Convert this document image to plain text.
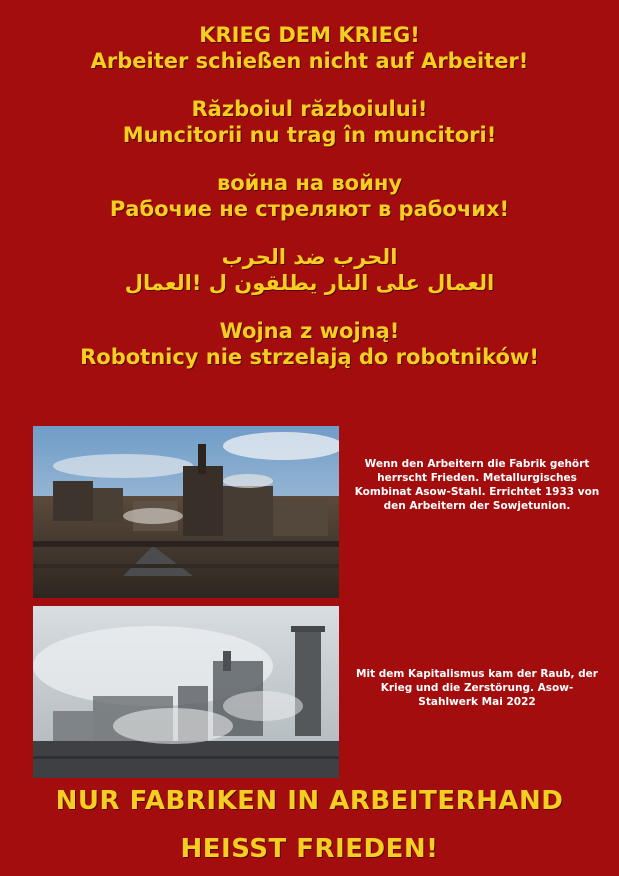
KRIEG DEM KRIEG!
Arbeiter schießen nicht auf Arbeiter!
Războiul războiului!
Muncitorii nu trag în muncitori!
война на войну
Рабочие не стреляют в рабочих!
الحرب ضد الحرب
العمال على النار يطلقون ل !العمال
Wojna z wojną!
Robotnicy nie strzelają do robotników!
Wenn den Arbeitern die Fabrik gehört herrscht Frieden. Metallurgisches Kombinat Asow-Stahl. Errichtet 1933 von den Arbeitern der Sowjetunion.
Mit dem Kapitalismus kam der Raub, der Krieg und die Zerstörung. Asow-Stahlwerk Mai 2022
NUR FABRIKEN IN ARBEITERHAND
HEISST FRIEDEN!
